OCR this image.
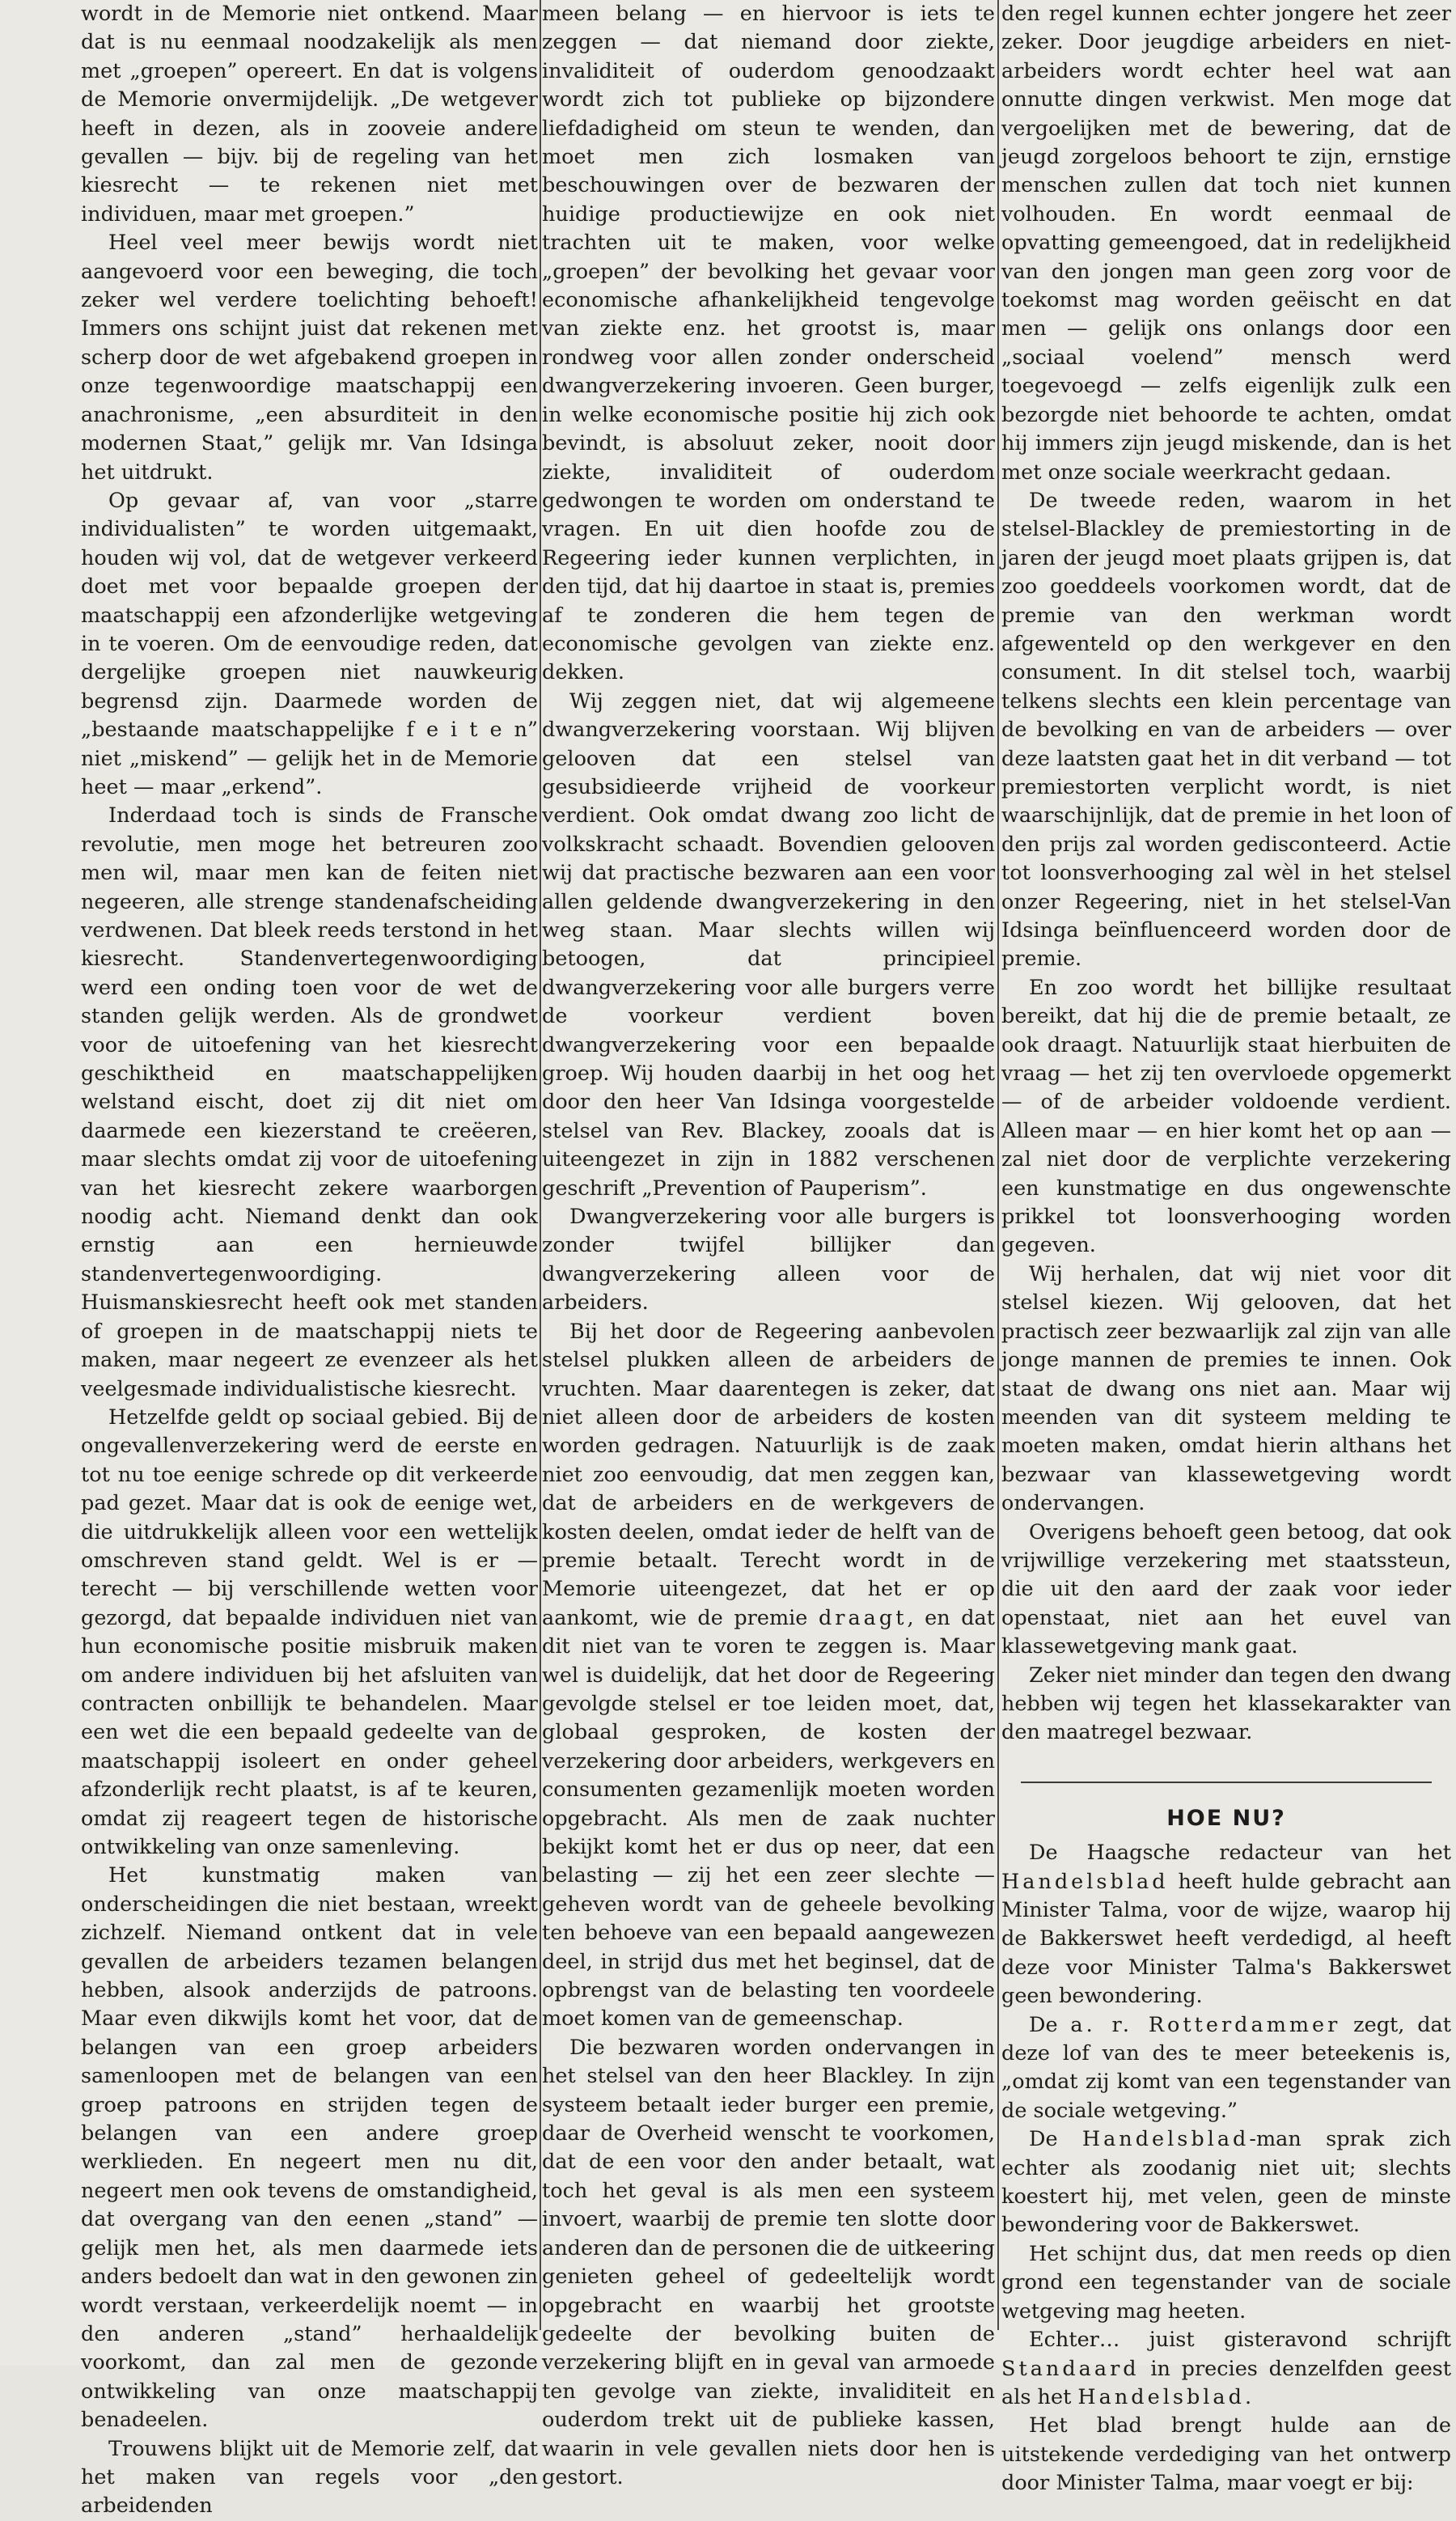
wordt in de Memorie niet ontkend. Maar dat is nu eenmaal noodzakelijk als men met „groepen” opereert. En dat is volgens de Memorie onvermijdelijk. „De wetgever heeft in dezen, als in zooveie andere gevallen — bijv. bij de regeling van het kiesrecht — te rekenen niet met individuen, maar met groepen.”

Heel veel meer bewijs wordt niet aangevoerd voor een beweging, die toch zeker wel verdere toelichting behoeft! Immers ons schijnt juist dat rekenen met scherp door de wet afgebakend groepen in onze tegenwoordige maatschappij een anachronisme, „een absurditeit in den modernen Staat,” gelijk mr. Van Idsinga het uitdrukt.

Op gevaar af, van voor „starre individualisten” te worden uitgemaakt, houden wij vol, dat de wetgever verkeerd doet met voor bepaalde groepen der maatschappij een afzonderlijke wetgeving in te voeren. Om de eenvoudige reden, dat dergelijke groepen niet nauwkeurig begrensd zijn. Daarmede worden de „bestaande maatschappelijke f e i t e n” niet „miskend” — gelijk het in de Memorie heet — maar „erkend”.

Inderdaad toch is sinds de Fransche revolutie, men moge het betreuren zoo men wil, maar men kan de feiten niet negeeren, alle strenge standenafscheiding verdwenen. Dat bleek reeds terstond in het kiesrecht. Standenvertegenwoordiging werd een onding toen voor de wet de standen gelijk werden. Als de grondwet voor de uitoefening van het kiesrecht geschiktheid en maatschappelijken welstand eischt, doet zij dit niet om daarmede een kiezerstand te creëeren, maar slechts omdat zij voor de uitoefening van het kiesrecht zekere waarborgen noodig acht. Niemand denkt dan ook ernstig aan een hernieuwde standenvertegenwoordiging. Huismanskiesrecht heeft ook met standen of groepen in de maatschappij niets te maken, maar negeert ze evenzeer als het veelgesmade individualistische kiesrecht.

Hetzelfde geldt op sociaal gebied. Bij de ongevallenverzekering werd de eerste en tot nu toe eenige schrede op dit verkeerde pad gezet. Maar dat is ook de eenige wet, die uitdrukkelijk alleen voor een wettelijk omschreven stand geldt. Wel is er — terecht — bij verschillende wetten voor gezorgd, dat bepaalde individuen niet van hun economische positie misbruik maken om andere individuen bij het afsluiten van contracten onbillijk te behandelen. Maar een wet die een bepaald gedeelte van de maatschappij isoleert en onder geheel afzonderlijk recht plaatst, is af te keuren, omdat zij reageert tegen de historische ontwikkeling van onze samenleving.

Het kunstmatig maken van onderscheidingen die niet bestaan, wreekt zichzelf. Niemand ontkent dat in vele gevallen de arbeiders tezamen belangen hebben, alsook anderzijds de patroons. Maar even dikwijls komt het voor, dat de belangen van een groep arbeiders samenloopen met de belangen van een groep patroons en strijden tegen de belangen van een andere groep werklieden. En negeert men nu dit, negeert men ook tevens de omstandigheid, dat overgang van den eenen „stand” — gelijk men het, als men daarmede iets anders bedoelt dan wat in den gewonen zin wordt verstaan, verkeerdelijk noemt — in den anderen „stand” herhaaldelijk voorkomt, dan zal men de gezonde ontwikkeling van onze maatschappij benadeelen.

Trouwens blijkt uit de Memorie zelf, dat het maken van regels voor „den arbeidenden

meen belang — en hiervoor is iets te zeggen — dat niemand door ziekte, invaliditeit of ouderdom genoodzaakt wordt zich tot publieke op bijzondere liefdadigheid om steun te wenden, dan moet men zich losmaken van beschouwingen over de bezwaren der huidige productiewijze en ook niet trachten uit te maken, voor welke „groepen” der bevolking het gevaar voor economische afhankelijkheid tengevolge van ziekte enz. het grootst is, maar rondweg voor allen zonder onderscheid dwangverzekering invoeren. Geen burger, in welke economische positie hij zich ook bevindt, is absoluut zeker, nooit door ziekte, invaliditeit of ouderdom gedwongen te worden om onderstand te vragen. En uit dien hoofde zou de Regeering ieder kunnen verplichten, in den tijd, dat hij daartoe in staat is, premies af te zonderen die hem tegen de economische gevolgen van ziekte enz. dekken.

Wij zeggen niet, dat wij algemeene dwangverzekering voorstaan. Wij blijven gelooven dat een stelsel van gesubsidieerde vrijheid de voorkeur verdient. Ook omdat dwang zoo licht de volkskracht schaadt. Bovendien gelooven wij dat practische bezwaren aan een voor allen geldende dwangverzekering in den weg staan. Maar slechts willen wij betoogen, dat principieel dwangverzekering voor alle burgers verre de voorkeur verdient boven dwangverzekering voor een bepaalde groep. Wij houden daarbij in het oog het door den heer Van Idsinga voorgestelde stelsel van Rev. Blackey, zooals dat is uiteengezet in zijn in 1882 verschenen geschrift „Prevention of Pauperism”.

Dwangverzekering voor alle burgers is zonder twijfel billijker dan dwangverzekering alleen voor de arbeiders.

Bij het door de Regeering aanbevolen stelsel plukken alleen de arbeiders de vruchten. Maar daarentegen is zeker, dat niet alleen door de arbeiders de kosten worden gedragen. Natuurlijk is de zaak niet zoo eenvoudig, dat men zeggen kan, dat de arbeiders en de werkgevers de kosten deelen, omdat ieder de helft van de premie betaalt. Terecht wordt in de Memorie uiteengezet, dat het er op aankomt, wie de premie draagt, en dat dit niet van te voren te zeggen is. Maar wel is duidelijk, dat het door de Regeering gevolgde stelsel er toe leiden moet, dat, globaal gesproken, de kosten der verzekering door arbeiders, werkgevers en consumenten gezamenlijk moeten worden opgebracht. Als men de zaak nuchter bekijkt komt het er dus op neer, dat een belasting — zij het een zeer slechte — geheven wordt van de geheele bevolking ten behoeve van een bepaald aangewezen deel, in strijd dus met het beginsel, dat de opbrengst van de belasting ten voordeele moet komen van de gemeenschap.

Die bezwaren worden ondervangen in het stelsel van den heer Blackley. In zijn systeem betaalt ieder burger een premie, daar de Overheid wenscht te voorkomen, dat de een voor den ander betaalt, wat toch het geval is als men een systeem invoert, waarbij de premie ten slotte door anderen dan de personen die de uitkeering genieten geheel of gedeeltelijk wordt opgebracht en waarbij het grootste gedeelte der bevolking buiten de verzekering blijft en in geval van armoede ten gevolge van ziekte, invaliditeit en ouderdom trekt uit de publieke kassen, waarin in vele gevallen niets door hen is gestort.

den regel kunnen echter jongere het zeer zeker. Door jeugdige arbeiders en niet-arbeiders wordt echter heel wat aan onnutte dingen verkwist. Men moge dat vergoelijken met de bewering, dat de jeugd zorgeloos behoort te zijn, ernstige menschen zullen dat toch niet kunnen volhouden. En wordt eenmaal de opvatting gemeengoed, dat in redelijkheid van den jongen man geen zorg voor de toekomst mag worden geëischt en dat men — gelijk ons onlangs door een „sociaal voelend” mensch werd toegevoegd — zelfs eigenlijk zulk een bezorgde niet behoorde te achten, omdat hij immers zijn jeugd miskende, dan is het met onze sociale weerkracht gedaan.

De tweede reden, waarom in het stelsel-Blackley de premiestorting in de jaren der jeugd moet plaats grijpen is, dat zoo goeddeels voorkomen wordt, dat de premie van den werkman wordt afgewenteld op den werkgever en den consument. In dit stelsel toch, waarbij telkens slechts een klein percentage van de bevolking en van de arbeiders — over deze laatsten gaat het in dit verband — tot premiestorten verplicht wordt, is niet waarschijnlijk, dat de premie in het loon of den prijs zal worden gedisconteerd. Actie tot loonsverhooging zal wèl in het stelsel onzer Regeering, niet in het stelsel-Van Idsinga beïnfluenceerd worden door de premie.

En zoo wordt het billijke resultaat bereikt, dat hij die de premie betaalt, ze ook draagt. Natuurlijk staat hierbuiten de vraag — het zij ten overvloede opgemerkt — of de arbeider voldoende verdient. Alleen maar — en hier komt het op aan — zal niet door de verplichte verzekering een kunstmatige en dus ongewenschte prikkel tot loonsverhooging worden gegeven.

Wij herhalen, dat wij niet voor dit stelsel kiezen. Wij gelooven, dat het practisch zeer bezwaarlijk zal zijn van alle jonge mannen de premies te innen. Ook staat de dwang ons niet aan. Maar wij meenden van dit systeem melding te moeten maken, omdat hierin althans het bezwaar van klassewetgeving wordt ondervangen.

Overigens behoeft geen betoog, dat ook vrijwillige verzekering met staatssteun, die uit den aard der zaak voor ieder openstaat, niet aan het euvel van klassewetgeving mank gaat.

Zeker niet minder dan tegen den dwang hebben wij tegen het klassekarakter van den maatregel bezwaar.

HOE NU?

De Haagsche redacteur van het Handelsblad heeft hulde gebracht aan Minister Talma, voor de wijze, waarop hij de Bakkerswet heeft verdedigd, al heeft deze voor Minister Talma's Bakkerswet geen bewondering.

De a. r. Rotterdammer zegt, dat deze lof van des te meer beteekenis is, „omdat zij komt van een tegenstander van de sociale wetgeving.”

De Handelsblad-man sprak zich echter als zoodanig niet uit; slechts koestert hij, met velen, geen de minste bewondering voor de Bakkerswet.

Het schijnt dus, dat men reeds op dien grond een tegenstander van de sociale wetgeving mag heeten.

Echter… juist gisteravond schrijft Standaard in precies denzelfden geest als het Handelsblad.

Het blad brengt hulde aan de uitstekende verdediging van het ontwerp door Minister Talma, maar voegt er bij:
